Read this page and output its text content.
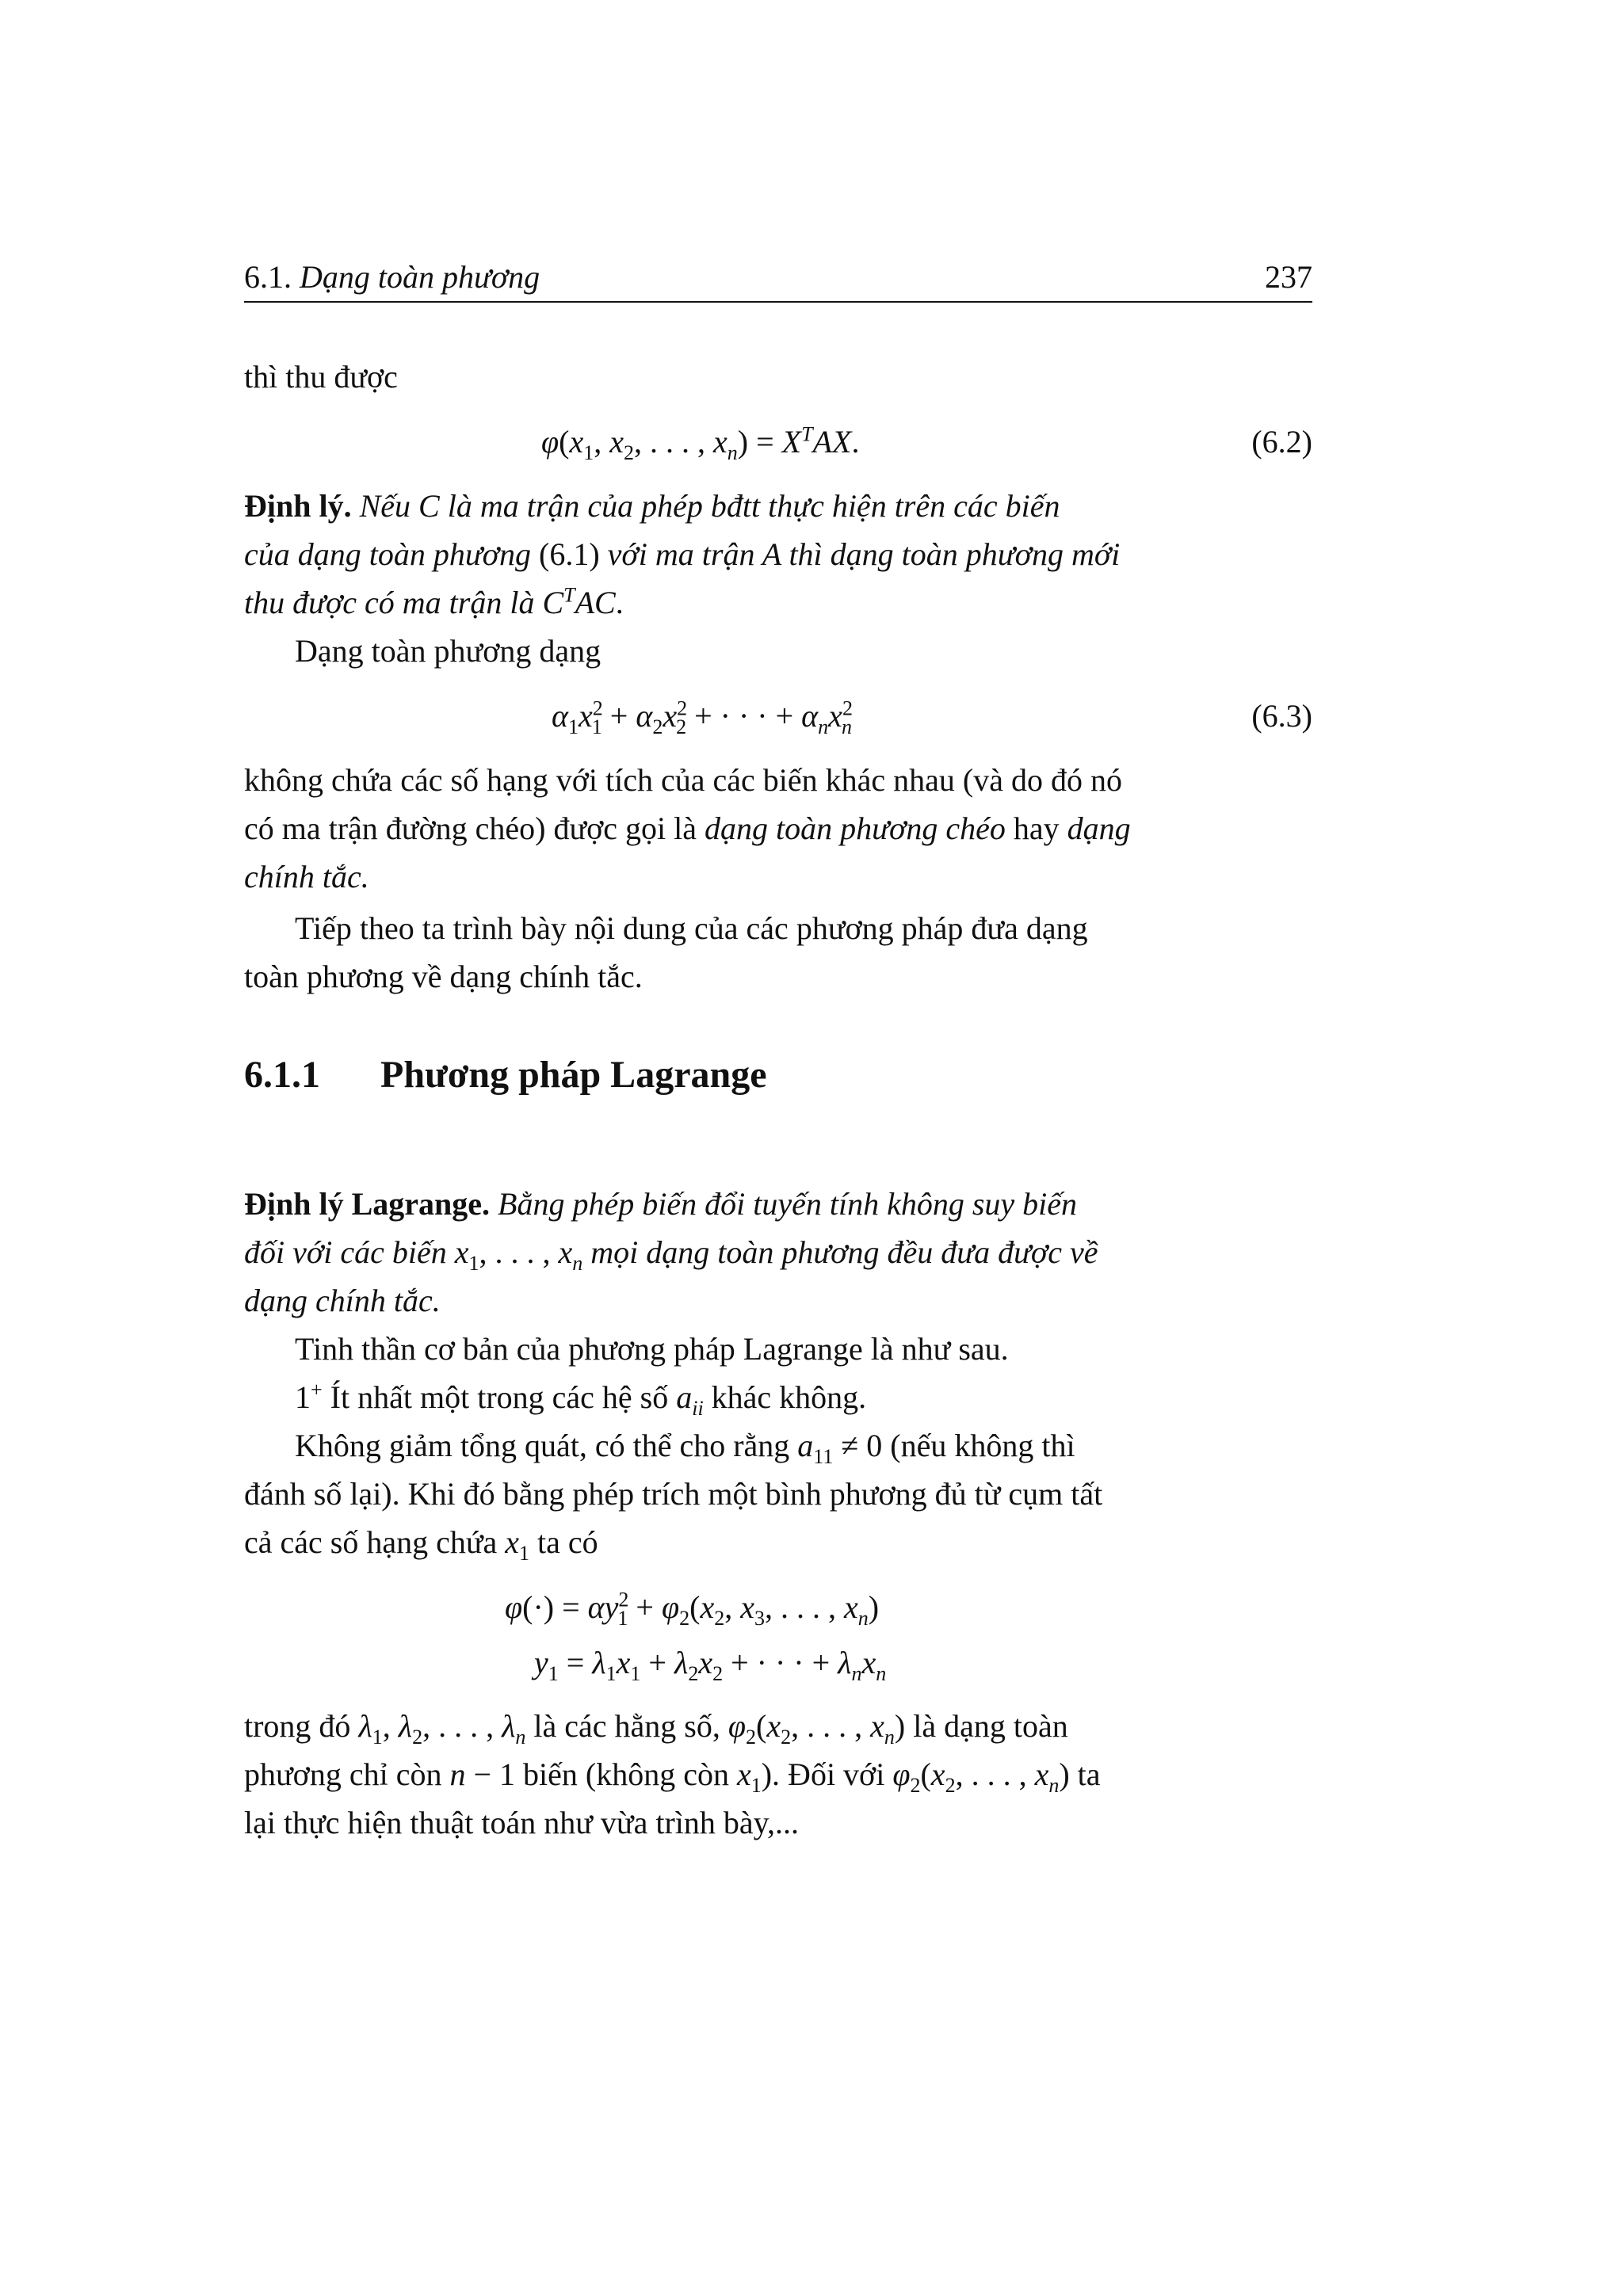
6.1. Dạng toàn phương	237
thì thu được
$\varphi(x_1$, $x_2$, . . . , $x_n) = X^TAX$.	(6.2)
Định lý. Nếu C là ma trận của phép bđtt thực hiện trên các biến
của dạng toàn phương (6.1) với ma trận A thì dạng toàn phương mới
thu được có ma trận là $C^TAC$.
Dạng toàn phương dạng
$\alpha_1x^2_1 + \alpha_2x^2_2$ + · · · + $\alpha_nx^2_n$	(6.3)
không chứa các số hạng với tích của các biến khác nhau (và do đó nó
có ma trận đường chéo) được gọi là dạng toàn phương chéo hay dạng
chính tắc.
Tiếp theo ta trình bày nội dung của các phương pháp đưa dạng
toàn phương về dạng chính tắc.
6.1.1 Phương pháp Lagrange
Định lý Lagrange. Bằng phép biến đổi tuyến tính không suy biến
đối với các biến $x_1$, . . . , $x_n$ mọi dạng toàn phương đều đưa được về
dạng chính tắc.
Tinh thần cơ bản của phương pháp Lagrange là như sau.
1+ Ít nhất một trong các hệ số $a_{ii}$ khác không.
Không giảm tổng quát, có thể cho rằng $a_{11} \ne 0$ (nếu không thì
đánh số lại). Khi đó bằng phép trích một bình phương đủ từ cụm tất
cả các số hạng chứa $x_1$ ta có
$\varphi(\cdot) = \alpha y^2_1 + \varphi_2(x_2$, $x_3$, . . . , $x_n$)
$y_1 = \lambda_1x_1 + \lambda_2x_2$ + · · · + $\lambda_nx_n$
trong đó $\lambda_1$, $\lambda_2$, . . . , $\lambda_n$ là các hằng số, $\varphi_2(x_2$, . . . , $x_n$) là dạng toàn
phương chỉ còn n − 1 biến (không còn $x_1$). Đối với $\varphi_2(x_2$, . . . , $x_n$) ta
lại thực hiện thuật toán như vừa trình bày,...
